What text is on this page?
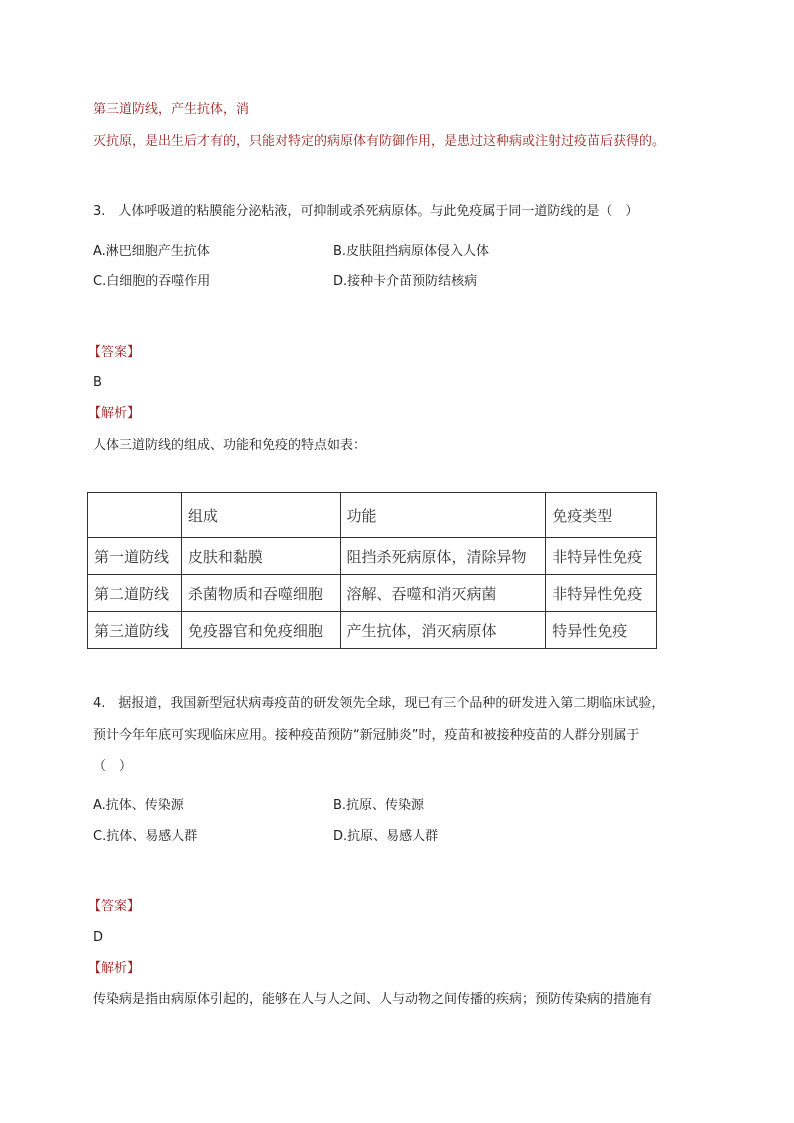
第三道防线，产生抗体，消
灭抗原，是出生后才有的，只能对特定的病原体有防御作用，是患过这种病或注射过疫苗后获得的。
3.　人体呼吸道的粘膜能分泌粘液，可抑制或杀死病原体。与此免疫属于同一道防线的是（　）
A.淋巴细胞产生抗体	B.皮肤阻挡病原体侵入人体
C.白细胞的吞噬作用	D.接种卡介苗预防结核病
【答案】
B
【解析】
人体三道防线的组成、功能和免疫的特点如表：
	组成	功能	免疫类型
第一道防线	皮肤和黏膜	阻挡杀死病原体，清除异物	非特异性免疫
第二道防线	杀菌物质和吞噬细胞	溶解、吞噬和消灭病菌	非特异性免疫
第三道防线	免疫器官和免疫细胞	产生抗体，消灭病原体	特异性免疫
4.　据报道，我国新型冠状病毒疫苗的研发领先全球，现已有三个品种的研发进入第二期临床试验，
预计今年年底可实现临床应用。接种疫苗预防“新冠肺炎”时，疫苗和被接种疫苗的人群分别属于
（　）
A.抗体、传染源	B.抗原、传染源
C.抗体、易感人群	D.抗原、易感人群
【答案】
D
【解析】
传染病是指由病原体引起的，能够在人与人之间、人与动物之间传播的疾病；预防传染病的措施有
